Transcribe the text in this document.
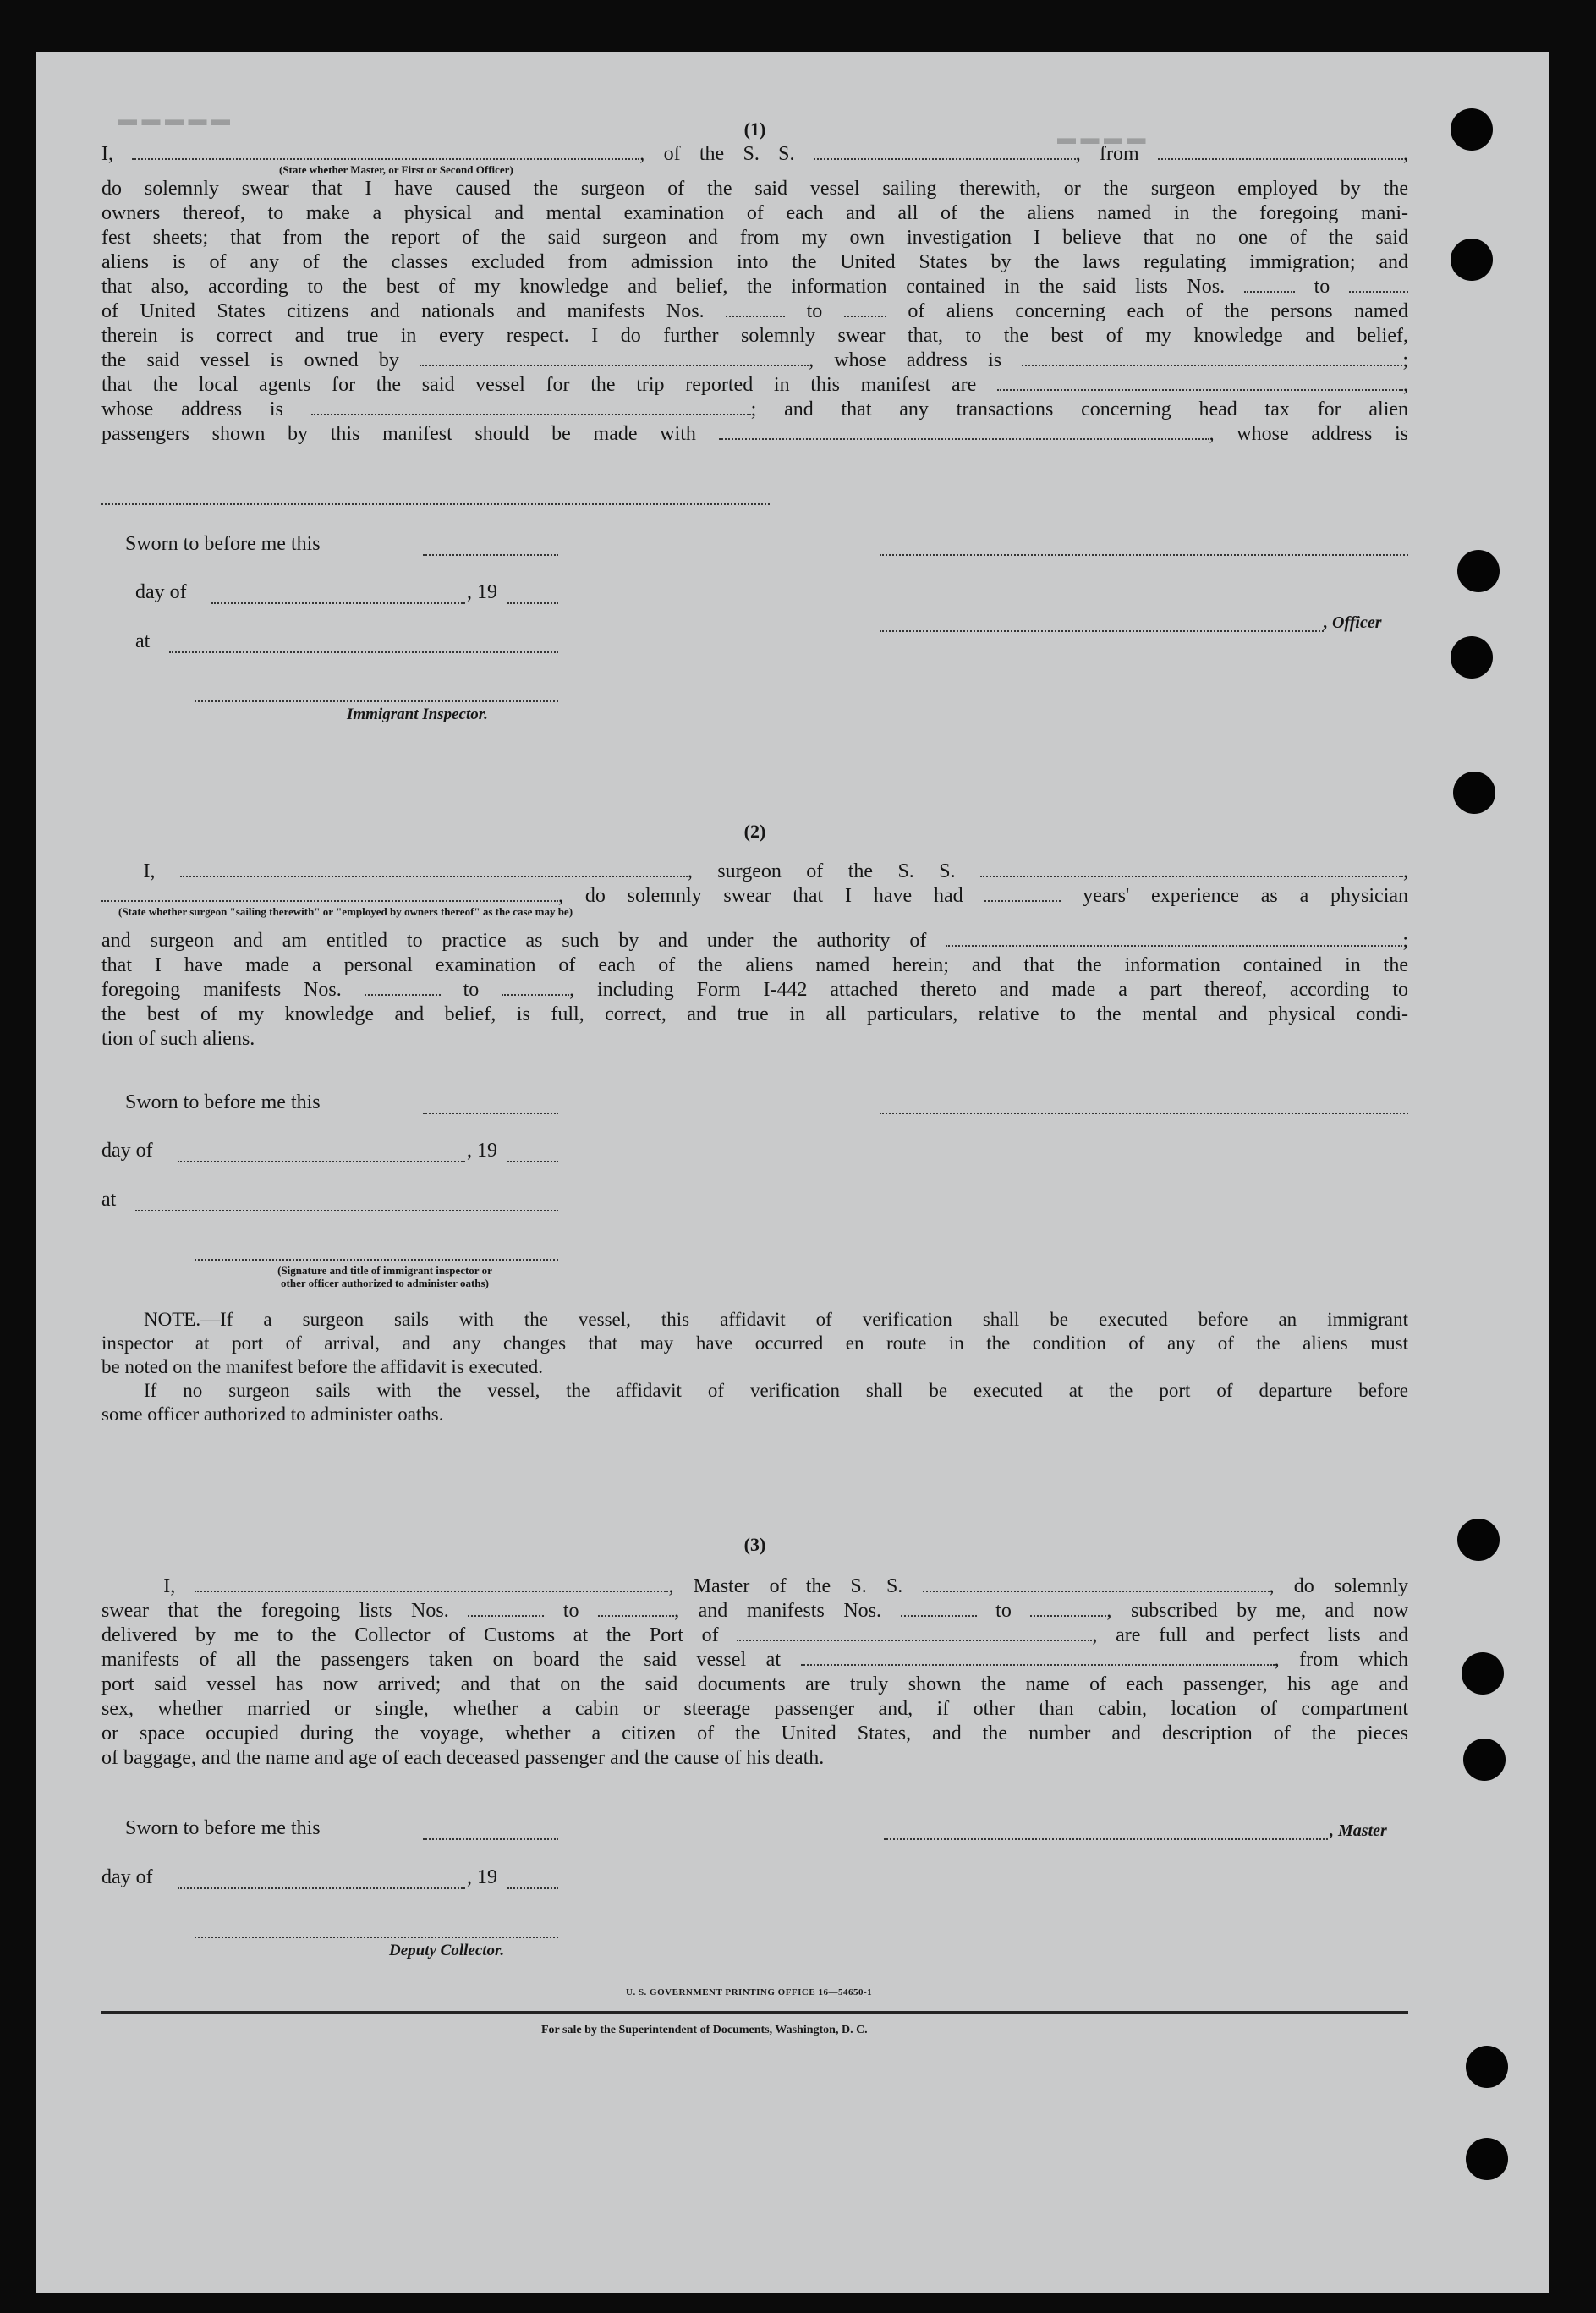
▬ ▬ ▬ ▬ ▬
▬ ▬ ▬ ▬
(1)

I,	, of the S. S.	, from	,

(State whether Master, or First or Second Officer)

do solemnly swear that I have caused the surgeon of the said vessel sailing therewith, or the surgeon employed by the

owners thereof, to make a physical and mental examination of each and all of the aliens named in the foregoing mani-

fest sheets; that from the report of the said surgeon and from my own investigation I believe that no one of the said

aliens is of any of the classes excluded from admission into the United States by the laws regulating immigration; and

that also, according to the best of my knowledge and belief, the information contained in the said lists Nos.	to

of United States citizens and nationals and manifests Nos.	to	of aliens concerning each of the persons named

therein is correct and true in every respect. I do further solemnly swear that, to the best of my knowledge and belief,

the said vessel is owned by	, whose address is	;

that the local agents for the said vessel for the trip reported in this manifest are	,

whose address is	; and that any transactions concerning head tax for alien

passengers shown by this manifest should be made with	, whose address is

Sworn to before me this
day of	, 19
, Officer
at
Immigrant Inspector.
(2)

I,	, surgeon of the S. S.	,

, do solemnly swear that I have had	years' experience as a physician

(State whether surgeon "sailing therewith" or "employed by owners thereof" as the case may be)

and surgeon and am entitled to practice as such by and under the authority of	;

that I have made a personal examination of each of the aliens named herein; and that the information contained in the

foregoing manifests Nos.	to	, including Form I-442 attached thereto and made a part thereof, according to

the best of my knowledge and belief, is full, correct, and true in all particulars, relative to the mental and physical condi-

tion of such aliens.

Sworn to before me this
day of	, 19
at
(Signature and title of immigrant inspector or
other officer authorized to administer oaths)

NOTE.—If a surgeon sails with the vessel, this affidavit of verification shall be executed before an immigrant

inspector at port of arrival, and any changes that may have occurred en route in the condition of any of the aliens must

be noted on the manifest before the affidavit is executed.

If no surgeon sails with the vessel, the affidavit of verification shall be executed at the port of departure before

some officer authorized to administer oaths.

(3)

I,	, Master of the S. S.	, do solemnly

swear that the foregoing lists Nos.	to	, and manifests Nos.	to	, subscribed by me, and now

delivered by me to the Collector of Customs at the Port of	, are full and perfect lists and

manifests of all the passengers taken on board the said vessel at	, from which

port said vessel has now arrived; and that on the said documents are truly shown the name of each passenger, his age and

sex, whether married or single, whether a cabin or steerage passenger and, if other than cabin, location of compartment

or space occupied during the voyage, whether a citizen of the United States, and the number and description of the pieces

of baggage, and the name and age of each deceased passenger and the cause of his death.

Sworn to before me this	, Master
day of	, 19
Deputy Collector.
U. S. GOVERNMENT PRINTING OFFICE 16—54650-1
For sale by the Superintendent of Documents, Washington, D. C.
